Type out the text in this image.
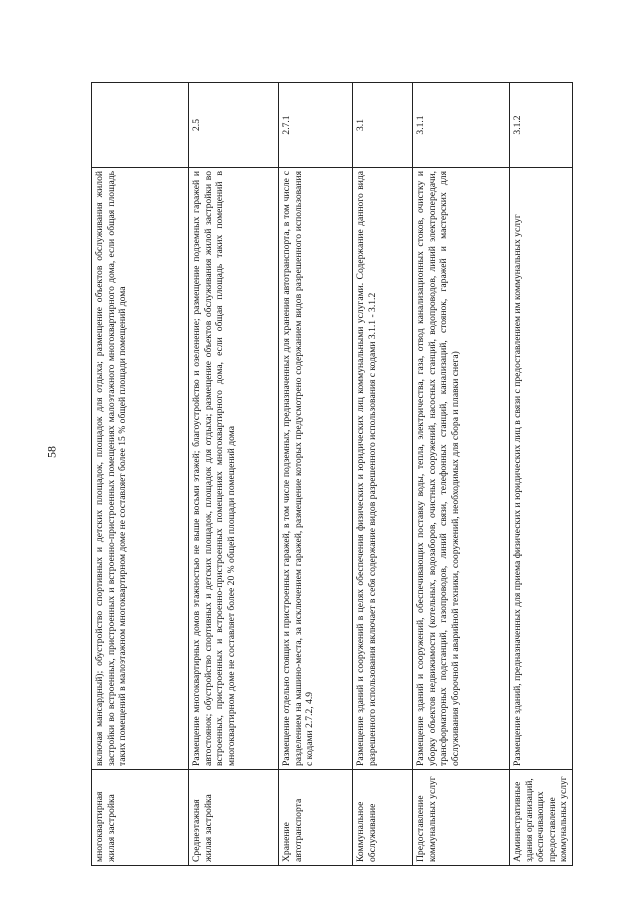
58
многоквартирная жилая застройка	включая мансардный); обустройство спортивных и детских площадок, площадок для отдыха; размещение объектов обслуживания жилой застройки во встроенных, пристроенных и встроенно-пристроенных помещениях малоэтажного многоквартирного дома, если общая площадь таких помещений в малоэтажном многоквартирном доме не составляет более 15 % общей площади помещений дома	
Среднеэтажная жилая застройка	Размещение многоквартирных домов этажностью не выше восьми этажей; благоустройство и озеленение; размещение подземных гаражей и автостоянок; обустройство спортивных и детских площадок, площадок для отдыха; размещение объектов обслуживания жилой застройки во встроенных, пристроенных и встроенно-пристроенных помещениях многоквартирного дома, если общая площадь таких помещений в многоквартирном доме не составляет более 20 % общей площади помещений дома	2.5
Хранение автотранспорта	Размещение отдельно стоящих и пристроенных гаражей, в том числе подземных, предназначенных для хранения автотранспорта, в том числе с разделением на машино-места, за исключением гаражей, размещение которых предусмотрено содержанием видов разрешенного использования с кодами 2.7.2, 4.9	2.7.1
Коммунальное обслуживание	Размещение зданий и сооружений в целях обеспечения физических и юридических лиц коммунальными услугами. Содержание данного вида разрешенного использования включает в себя содержание видов разрешенного использования с кодами 3.1.1 - 3.1.2	3.1
Предоставление коммунальных услуг	Размещение зданий и сооружений, обеспечивающих поставку воды, тепла, электричества, газа, отвод канализационных стоков, очистку и уборку объектов недвижимости (котельных, водозаборов, очистных сооружений, насосных станций, водопроводов, линий электропередачи, трансформаторных подстанций, газопроводов, линий связи, телефонных станций, канализаций, стоянок, гаражей и мастерских для обслуживания уборочной и аварийной техники, сооружений, необходимых для сбора и плавки снега)	3.1.1
Административные здания организаций, обеспечивающих предоставление коммунальных услуг	Размещение зданий, предназначенных для приема физических и юридических лиц в связи с предоставлением им коммунальных услуг	3.1.2
